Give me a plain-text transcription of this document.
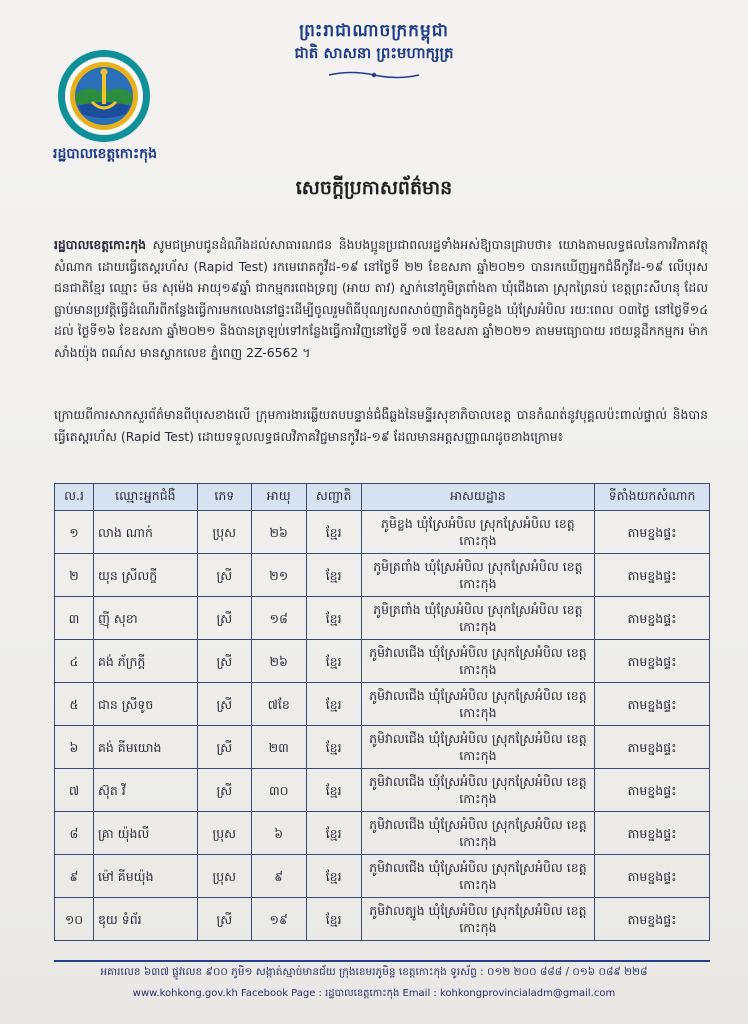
ព្រះរាជាណាចក្រកម្ពុជា
ជាតិ សាសនា ព្រះមហាក្សត្រ
រដ្ឋបាលខេត្តកោះកុង
សេចក្ដីប្រកាសព័ត៌មាន
រដ្ឋបាលខេត្តកោះកុង សូមជម្រាបជូនដំណឹងដល់សាធារណជន និងបងប្អូនប្រជាពលរដ្ឋទាំងអស់ឱ្យបានជ្រាបថា៖ យោងតាមលទ្ធផលនៃការវិភាគវត្ថុសំណាក ដោយធ្វើតេស្ដរហ័ស (Rapid Test) រកមេរោគកូវីដ-១៩ នៅថ្ងៃទី ២២ ខែឧសភា ឆ្នាំ២០២១ បានរកឃើញអ្នកជំងឺកូវីដ-១៩ លើបុរសជនជាតិខ្មែរ ឈ្មោះ ម៉ន សុម៉េង អាយុ១៩ឆ្នាំ ជាកម្មករពេងទ្រព្យ (អាយ តាវ) ស្នាក់នៅភូមិត្រពាំងតា ឃុំជើងគោ ស្រុកព្រៃនប់ ខេត្តព្រះសីហនុ ដែលធ្លាប់មានប្រវត្តិធ្វើដំណើរពីកន្លែងធ្វើការមកលេងនៅផ្ទះដើម្បីចូលរួមពិធីបុណ្យសពសាច់ញាតិក្នុងភូមិខ្លង ឃុំស្រែអំបិល រយៈពេល ០៣ថ្ងៃ នៅថ្ងៃទី១៤ ដល់ ថ្ងៃទី១៦ ខែឧសភា ឆ្នាំ២០២១ និងបានត្រឡប់ទៅកន្លែងធ្វើការវិញនៅថ្ងៃទី ១៧ ខែឧសភា ឆ្នាំ២០២១ តាមមធ្យោបាយ រថយន្តដឹកកម្មករ ម៉ាកសាំងយ៉ុង ពណ៌ស មានស្លាកលេខ ភ្នំពេញ 2Z-6562 ។
ក្រោយពីការសាកសួរព័ត៌មានពីបុរសខាងលើ ក្រុមការងារឆ្លើយតបបន្ទាន់ជំងឺឆ្លងនៃមន្ទីរសុខាភិបាលខេត្ត បានកំណត់នូវបុគ្គលប៉ះពាល់ផ្ទាល់ និងបានធ្វើតេស្ដរហ័ស (Rapid Test) ដោយទទួលលទ្ធផលវិភាគវិជ្ជមានកូវីដ-១៩ ដែលមានអត្តសញ្ញាណដូចខាងក្រោម៖
ល.រ	ឈ្មោះអ្នកជំងឺ	ភេទ	អាយុ	សញ្ជាតិ	អាសយដ្ឋាន	ទីតាំងយកសំណាក
១	លាង ណាក់	ប្រុស	២៦	ខ្មែរ	ភូមិខ្លង ឃុំស្រែអំបិល ស្រុកស្រែអំបិល ខេត្តកោះកុង	តាមខ្នងផ្ទះ
២	យុន ស្រីលក្ខី	ស្រី	២១	ខ្មែរ	ភូមិត្រពាំង ឃុំស្រែអំបិល ស្រុកស្រែអំបិល ខេត្តកោះកុង	តាមខ្នងផ្ទះ
៣	ញ៉ី សុខា	ស្រី	១៨	ខ្មែរ	ភូមិត្រពាំង ឃុំស្រែអំបិល ស្រុកស្រែអំបិល ខេត្តកោះកុង	តាមខ្នងផ្ទះ
៤	គង់ ភ័ក្រក្ដី	ស្រី	២៦	ខ្មែរ	ភូមិវាលជើង ឃុំស្រែអំបិល ស្រុកស្រែអំបិល ខេត្តកោះកុង	តាមខ្នងផ្ទះ
៥	ជាន ស្រីទូច	ស្រី	៧ខែ	ខ្មែរ	ភូមិវាលជើង ឃុំស្រែអំបិល ស្រុកស្រែអំបិល ខេត្តកោះកុង	តាមខ្នងផ្ទះ
៦	គង់ គីមយោង	ស្រី	២៣	ខ្មែរ	ភូមិវាលជើង ឃុំស្រែអំបិល ស្រុកស្រែអំបិល ខេត្តកោះកុង	តាមខ្នងផ្ទះ
៧	ស៊ុត វី	ស្រី	៣០	ខ្មែរ	ភូមិវាលជើង ឃុំស្រែអំបិល ស្រុកស្រែអំបិល ខេត្តកោះកុង	តាមខ្នងផ្ទះ
៨	គ្រា យ៉ុងលី	ប្រុស	៦	ខ្មែរ	ភូមិវាលជើង ឃុំស្រែអំបិល ស្រុកស្រែអំបិល ខេត្តកោះកុង	តាមខ្នងផ្ទះ
៩	ម៉ៅ គីមយ៉ុង	ប្រុស	៩	ខ្មែរ	ភូមិវាលជើង ឃុំស្រែអំបិល ស្រុកស្រែអំបិល ខេត្តកោះកុង	តាមខ្នងផ្ទះ
១០	ឌុយ ទំព័រ	ស្រី	១៩	ខ្មែរ	ភូមិវាលត្បូង ឃុំស្រែអំបិល ស្រុកស្រែអំបិល ខេត្តកោះកុង	តាមខ្នងផ្ទះ
អគារលេខ ៦៣៧ ផ្លូវលេខ ៩០០ ភូមិ១ សង្កាត់ស្មាច់មានជ័យ ក្រុងខេមរភូមិន្ទ ខេត្តកោះកុង ទូរស័ព្ទ : ០១២ ២០០ ៨៨៨ / ០១៦ ០៨៩ ២២៨
www.kohkong.gov.kh Facebook Page : រដ្ឋបាលខេត្តកោះកុង Email : kohkongprovincialadm@gmail.com
